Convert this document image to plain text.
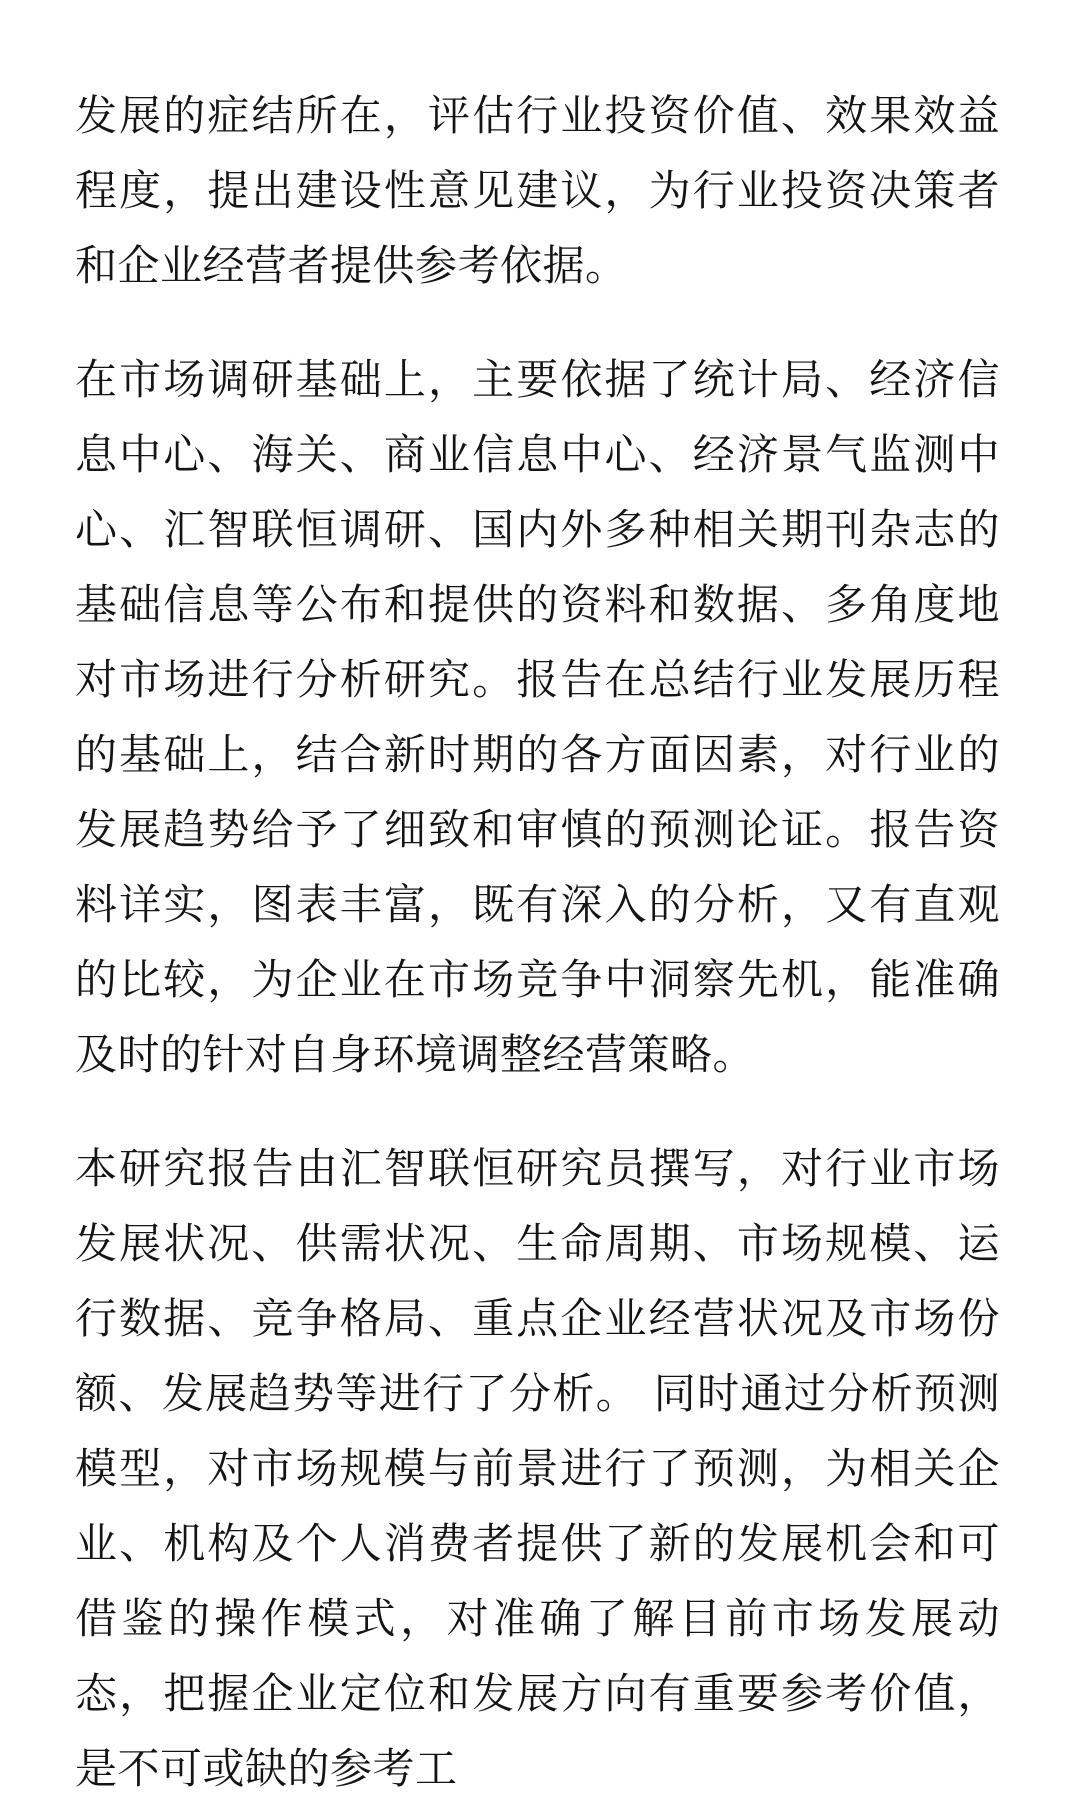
发展的症结所在，评估行业投资价值、效果效益程度，提出建设性意见建议，为行业投资决策者和企业经营者提供参考依据。

在市场调研基础上，主要依据了统计局、经济信息中心、海关、商业信息中心、经济景气监测中心、汇智联恒调研、国内外多种相关期刊杂志的基础信息等公布和提供的资料和数据、多角度地对市场进行分析研究。报告在总结行业发展历程的基础上，结合新时期的各方面因素，对行业的发展趋势给予了细致和审慎的预测论证。报告资料详实，图表丰富，既有深入的分析，又有直观的比较，为企业在市场竞争中洞察先机，能准确及时的针对自身环境调整经营策略。

本研究报告由汇智联恒研究员撰写，对行业市场发展状况、供需状况、生命周期、市场规模、运行数据、竞争格局、重点企业经营状况及市场份额、发展趋势等进行了分析。 同时通过分析预测模型，对市场规模与前景进行了预测，为相关企业、机构及个人消费者提供了新的发展机会和可借鉴的操作模式，对准确了解目前市场发展动态，把握企业定位和发展方向有重要参考价值，是不可或缺的参考工
